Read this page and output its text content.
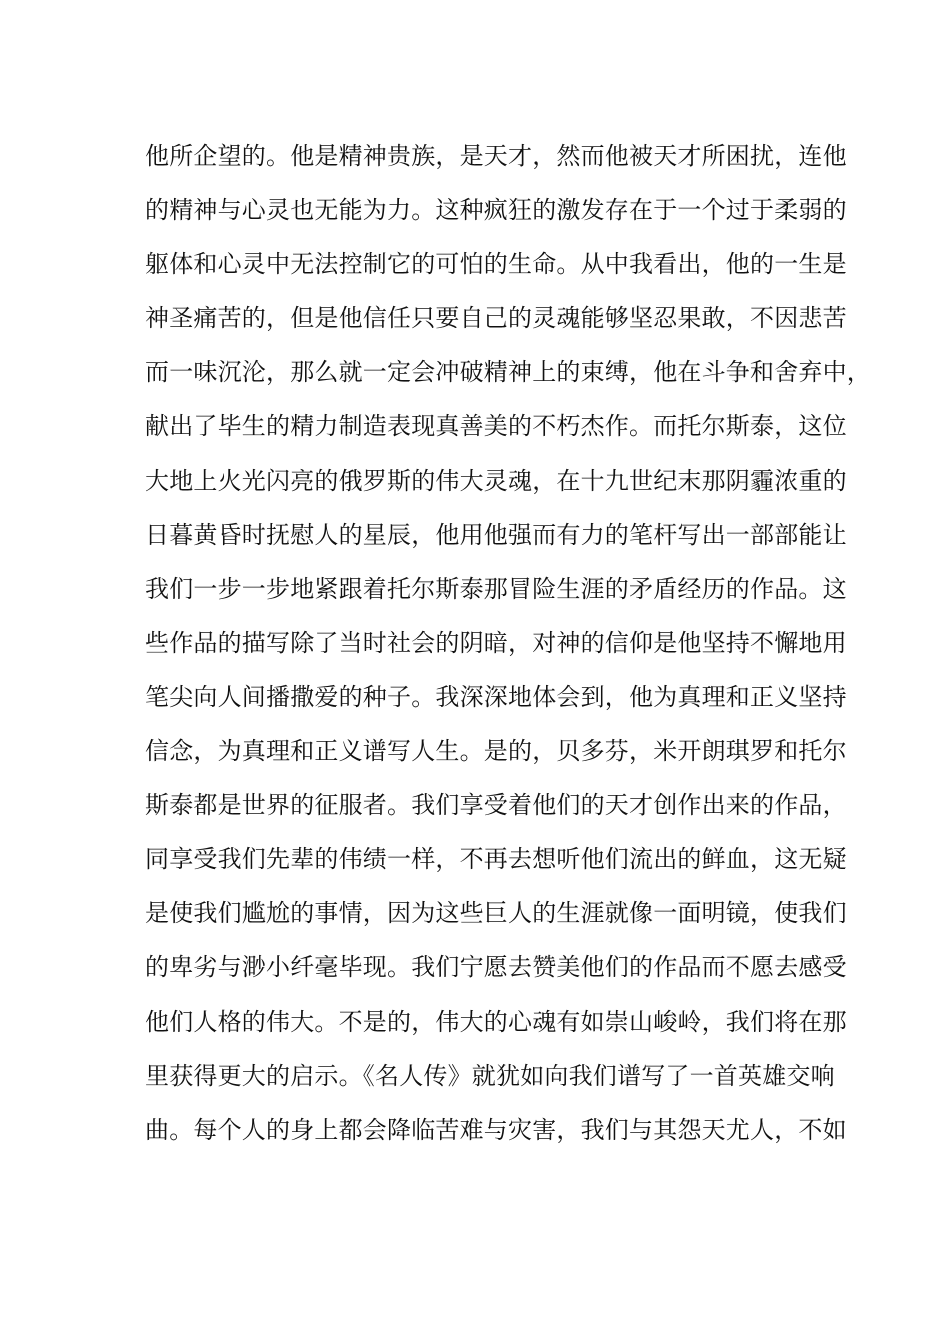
他所企望的。他是精神贵族，是天才，然而他被天才所困扰，连他
的精神与心灵也无能为力。这种疯狂的激发存在于一个过于柔弱的
躯体和心灵中无法控制它的可怕的生命。从中我看出，他的一生是
神圣痛苦的，但是他信任只要自己的灵魂能够坚忍果敢，不因悲苦
而一味沉沦，那么就一定会冲破精神上的束缚，他在斗争和舍弃中，
献出了毕生的精力制造表现真善美的不朽杰作。而托尔斯泰，这位
大地上火光闪亮的俄罗斯的伟大灵魂，在十九世纪末那阴霾浓重的
日暮黄昏时抚慰人的星辰，他用他强而有力的笔杆写出一部部能让
我们一步一步地紧跟着托尔斯泰那冒险生涯的矛盾经历的作品。这
些作品的描写除了当时社会的阴暗，对神的信仰是他坚持不懈地用
笔尖向人间播撒爱的种子。我深深地体会到，他为真理和正义坚持
信念，为真理和正义谱写人生。是的，贝多芬，米开朗琪罗和托尔
斯泰都是世界的征服者。我们享受着他们的天才创作出来的作品，
同享受我们先辈的伟绩一样，不再去想听他们流出的鲜血，这无疑
是使我们尴尬的事情，因为这些巨人的生涯就像一面明镜，使我们
的卑劣与渺小纤毫毕现。我们宁愿去赞美他们的作品而不愿去感受
他们人格的伟大。不是的，伟大的心魂有如崇山峻岭，我们将在那
里获得更大的启示。《名人传》就犹如向我们谱写了一首英雄交响
曲。每个人的身上都会降临苦难与灾害，我们与其怨天尤人，不如
